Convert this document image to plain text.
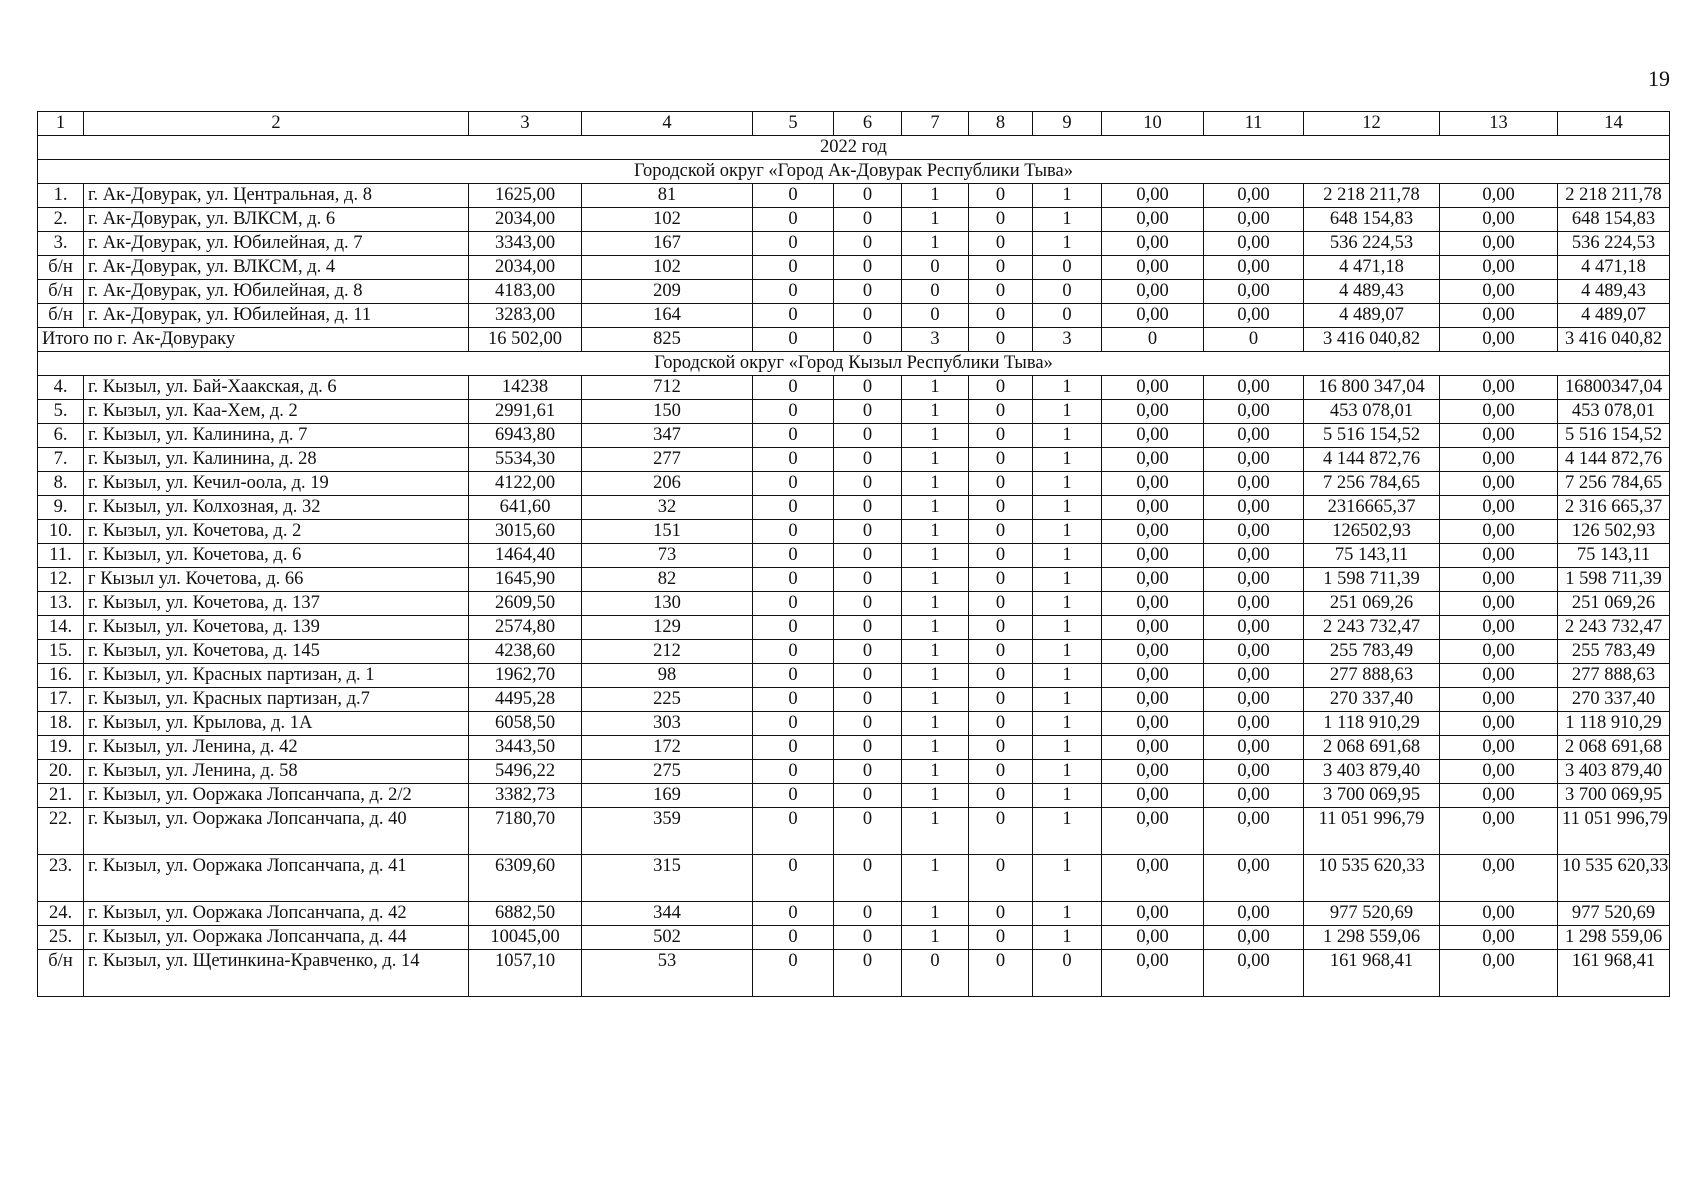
19
1	2	3	4	5	6	7	8	9	10	11	12	13	14
2022 год													
Городской округ «Город Ак-Довурак Республики Тыва»													
1.	г. Ак-Довурак, ул. Центральная, д. 8	1625,00	81	0	0	1	0	1	0,00	0,00	2 218 211,78	0,00	2 218 211,78
2.	г. Ак-Довурак, ул. ВЛКСМ, д. 6	2034,00	102	0	0	1	0	1	0,00	0,00	648 154,83	0,00	648 154,83
3.	г. Ак-Довурак, ул. Юбилейная, д. 7	3343,00	167	0	0	1	0	1	0,00	0,00	536 224,53	0,00	536 224,53
б/н	г. Ак-Довурак, ул. ВЛКСМ, д. 4	2034,00	102	0	0	0	0	0	0,00	0,00	4 471,18	0,00	4 471,18
б/н	г. Ак-Довурак, ул. Юбилейная, д. 8	4183,00	209	0	0	0	0	0	0,00	0,00	4 489,43	0,00	4 489,43
б/н	г. Ак-Довурак, ул. Юбилейная, д. 11	3283,00	164	0	0	0	0	0	0,00	0,00	4 489,07	0,00	4 489,07
Итого по г. Ак-Довураку		16 502,00	825	0	0	3	0	3	0	0	3 416 040,82	0,00	3 416 040,82
Городской округ «Город Кызыл Республики Тыва»													
4.	г. Кызыл, ул. Бай-Хаакская, д. 6	14238	712	0	0	1	0	1	0,00	0,00	16 800 347,04	0,00	16800347,04
5.	г. Кызыл, ул. Каа-Хем, д. 2	2991,61	150	0	0	1	0	1	0,00	0,00	453 078,01	0,00	453 078,01
6.	г. Кызыл, ул. Калинина, д. 7	6943,80	347	0	0	1	0	1	0,00	0,00	5 516 154,52	0,00	5 516 154,52
7.	г. Кызыл, ул. Калинина, д. 28	5534,30	277	0	0	1	0	1	0,00	0,00	4 144 872,76	0,00	4 144 872,76
8.	г. Кызыл, ул. Кечил-оола, д. 19	4122,00	206	0	0	1	0	1	0,00	0,00	7 256 784,65	0,00	7 256 784,65
9.	г. Кызыл, ул. Колхозная, д. 32	641,60	32	0	0	1	0	1	0,00	0,00	2316665,37	0,00	2 316 665,37
10.	г. Кызыл, ул. Кочетова, д. 2	3015,60	151	0	0	1	0	1	0,00	0,00	126502,93	0,00	126 502,93
11.	г. Кызыл, ул. Кочетова, д. 6	1464,40	73	0	0	1	0	1	0,00	0,00	75 143,11	0,00	75 143,11
12.	г Кызыл ул. Кочетова, д. 66	1645,90	82	0	0	1	0	1	0,00	0,00	1 598 711,39	0,00	1 598 711,39
13.	г. Кызыл, ул. Кочетова, д. 137	2609,50	130	0	0	1	0	1	0,00	0,00	251 069,26	0,00	251 069,26
14.	г. Кызыл, ул. Кочетова, д. 139	2574,80	129	0	0	1	0	1	0,00	0,00	2 243 732,47	0,00	2 243 732,47
15.	г. Кызыл, ул. Кочетова, д. 145	4238,60	212	0	0	1	0	1	0,00	0,00	255 783,49	0,00	255 783,49
16.	г. Кызыл, ул. Красных партизан, д. 1	1962,70	98	0	0	1	0	1	0,00	0,00	277 888,63	0,00	277 888,63
17.	г. Кызыл, ул. Красных партизан, д.7	4495,28	225	0	0	1	0	1	0,00	0,00	270 337,40	0,00	270 337,40
18.	г. Кызыл, ул. Крылова, д. 1А	6058,50	303	0	0	1	0	1	0,00	0,00	1 118 910,29	0,00	1 118 910,29
19.	г. Кызыл, ул. Ленина, д. 42	3443,50	172	0	0	1	0	1	0,00	0,00	2 068 691,68	0,00	2 068 691,68
20.	г. Кызыл, ул. Ленина, д. 58	5496,22	275	0	0	1	0	1	0,00	0,00	3 403 879,40	0,00	3 403 879,40
21.	г. Кызыл, ул. Ооржака Лопсанчапа, д. 2/2	3382,73	169	0	0	1	0	1	0,00	0,00	3 700 069,95	0,00	3 700 069,95
22.	г. Кызыл, ул. Ооржака Лопсанчапа, д. 40	7180,70	359	0	0	1	0	1	0,00	0,00	11 051 996,79	0,00	11 051 996,79
23.	г. Кызыл, ул. Ооржака Лопсанчапа, д. 41	6309,60	315	0	0	1	0	1	0,00	0,00	10 535 620,33	0,00	10 535 620,33
24.	г. Кызыл, ул. Ооржака Лопсанчапа, д. 42	6882,50	344	0	0	1	0	1	0,00	0,00	977 520,69	0,00	977 520,69
25.	г. Кызыл, ул. Ооржака Лопсанчапа, д. 44	10045,00	502	0	0	1	0	1	0,00	0,00	1 298 559,06	0,00	1 298 559,06
б/н	г. Кызыл, ул. Щетинкина-Кравченко, д. 14	1057,10	53	0	0	0	0	0	0,00	0,00	161 968,41	0,00	161 968,41
